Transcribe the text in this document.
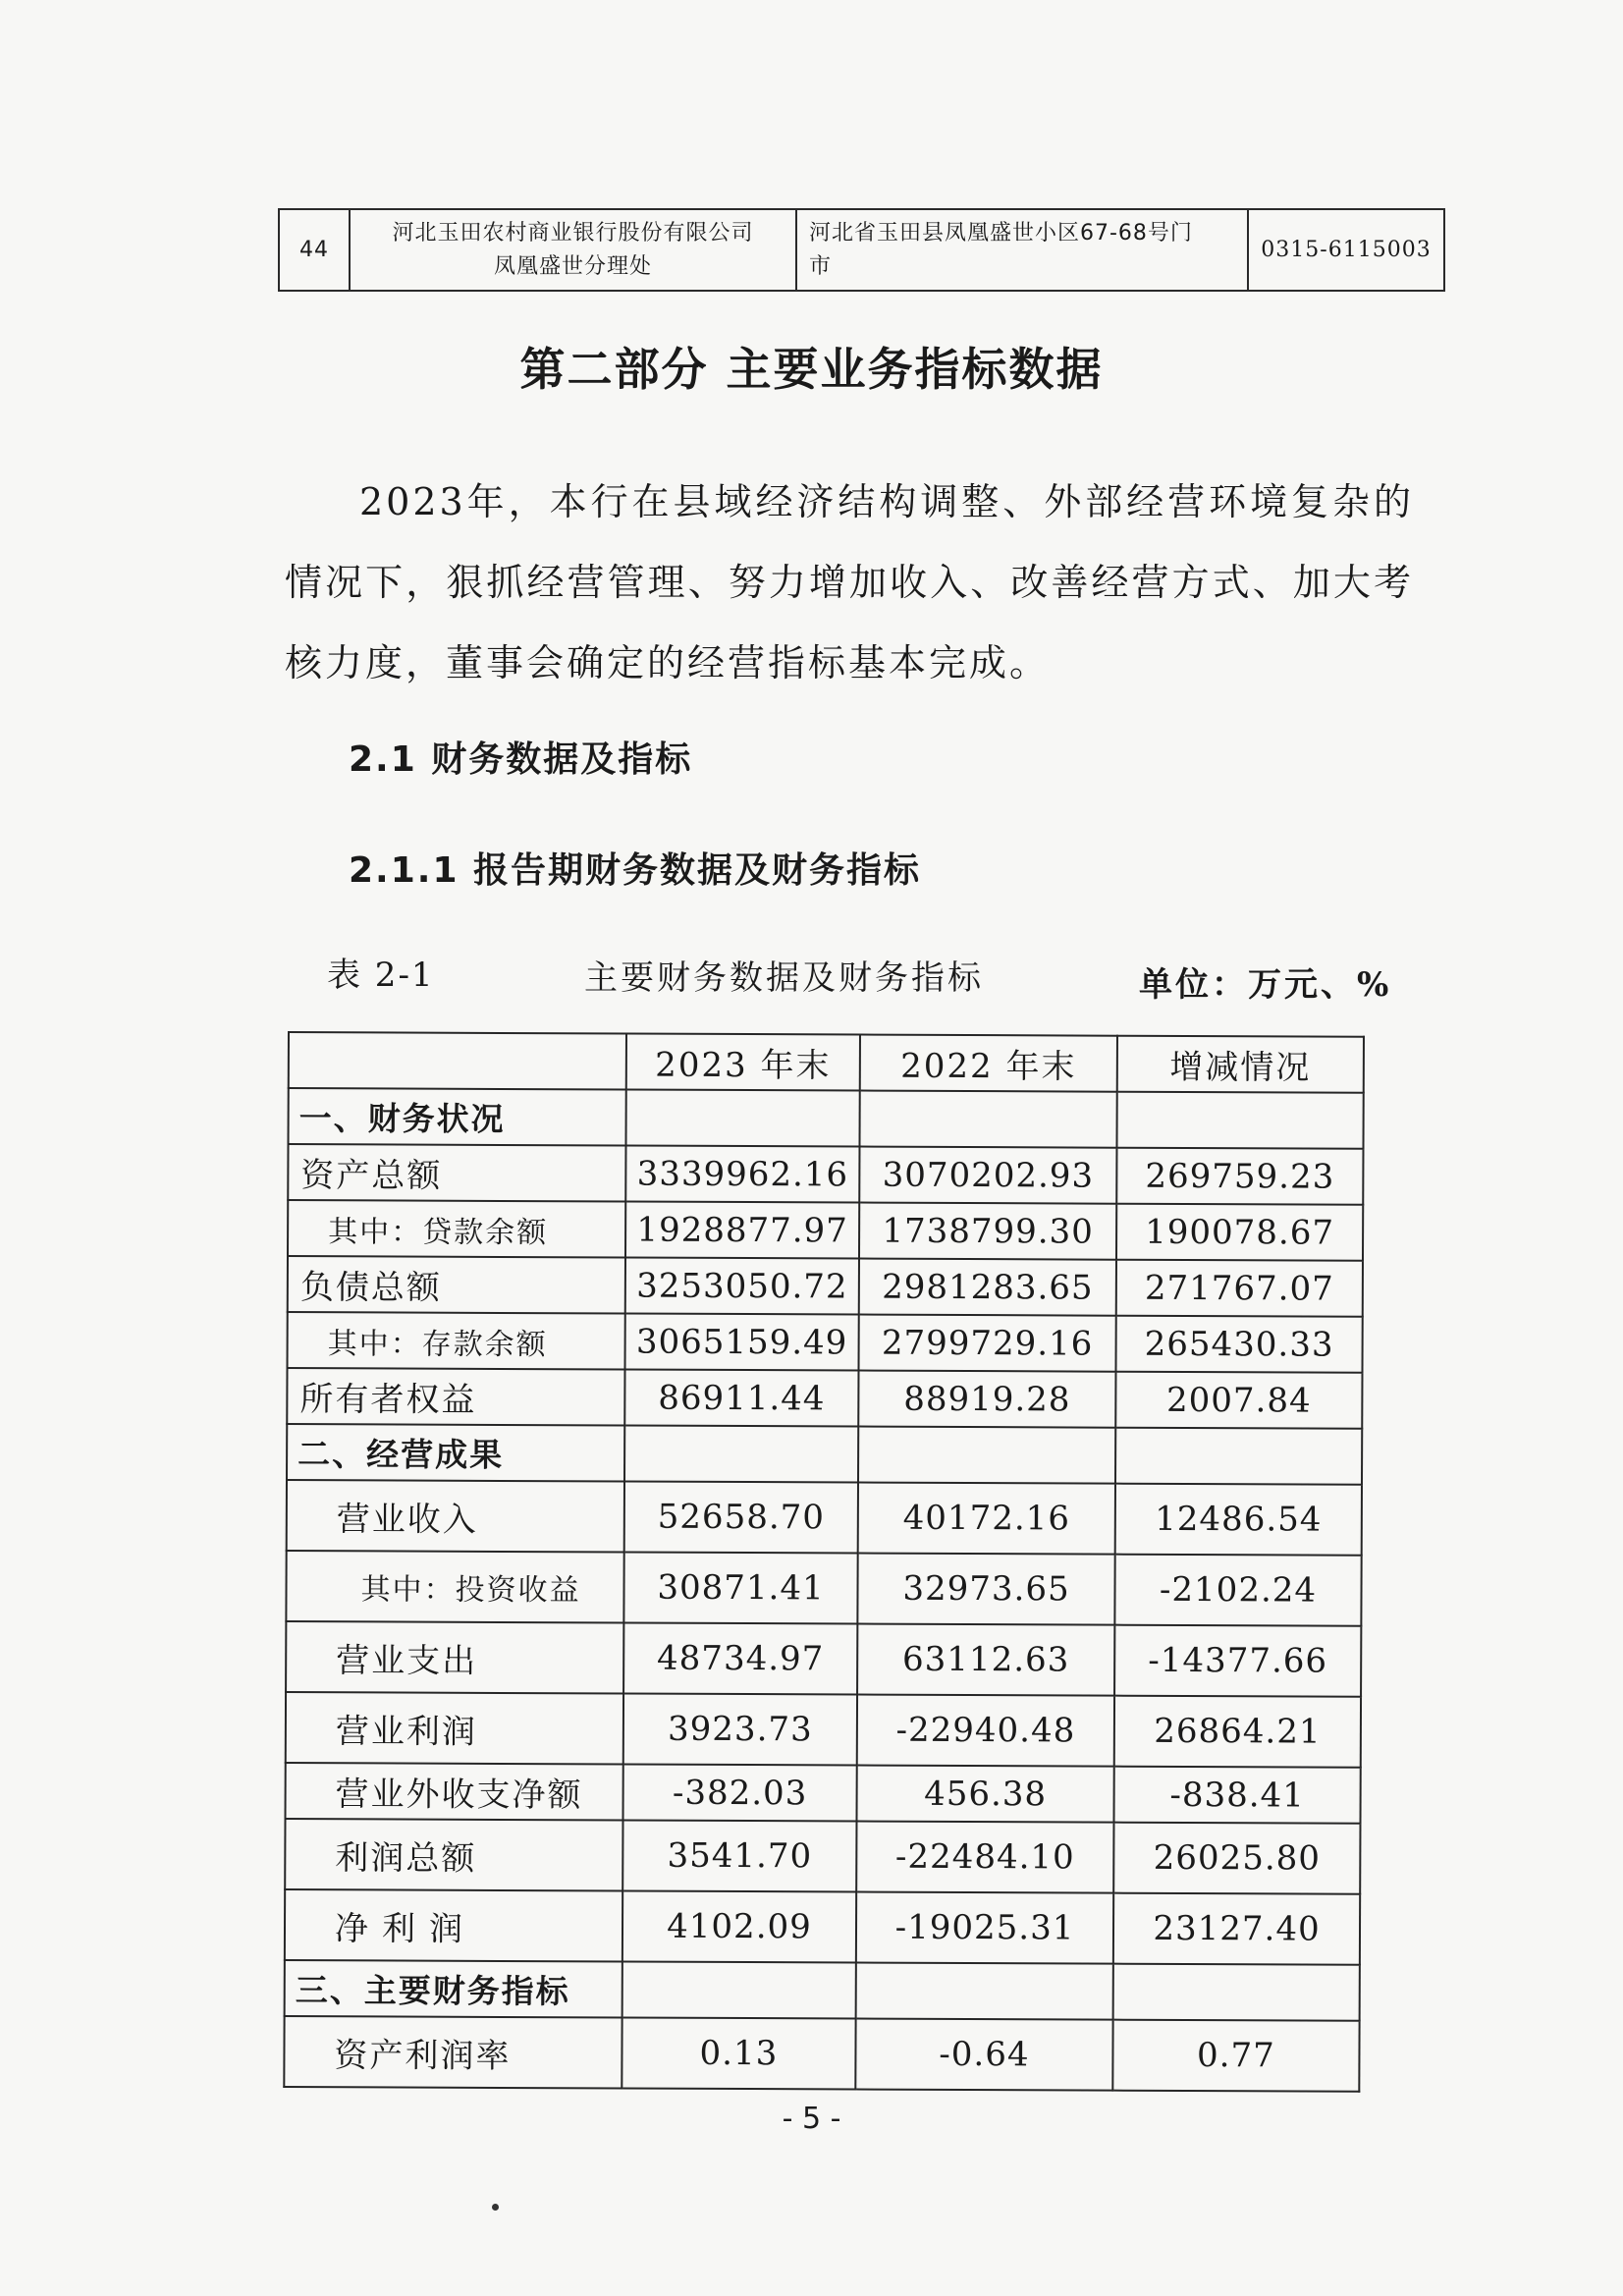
44	
河北玉田农村商业银行股份有限公司
凤凰盛世分理处

河北省玉田县凤凰盛世小区67-68号门
市
	0315-6115003
第二部分 主要业务指标数据
2023年，本行在县域经济结构调整、外部经营环境复杂的情况下，狠抓经营管理、努力增加收入、改善经营方式、加大考核力度，董事会确定的经营指标基本完成。
2.1 财务数据及指标
2.1.1 报告期财务数据及财务指标
表 2-1	主要财务数据及财务指标	单位：万元、%
	2023 年末	2022 年末	增减情况
一、财务状况			
资产总额	3339962.16	3070202.93	269759.23
其中：贷款余额	1928877.97	1738799.30	190078.67
负债总额	3253050.72	2981283.65	271767.07
其中：存款余额	3065159.49	2799729.16	265430.33
所有者权益	86911.44	88919.28	2007.84
二、经营成果			
营业收入	52658.70	40172.16	12486.54
其中：投资收益	30871.41	32973.65	-2102.24
营业支出	48734.97	63112.63	-14377.66
营业利润	3923.73	-22940.48	26864.21
营业外收支净额	-382.03	456.38	-838.41
利润总额	3541.70	-22484.10	26025.80
净利润	4102.09	-19025.31	23127.40
三、主要财务指标			
资产利润率	0.13	-0.64	0.77
- 5 -
